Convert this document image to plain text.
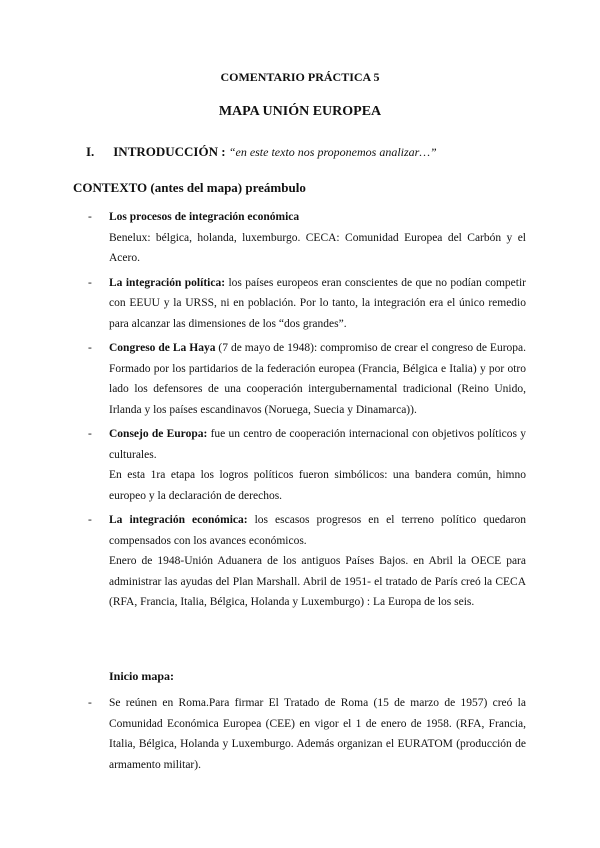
COMENTARIO PRÁCTICA 5
MAPA UNIÓN EUROPEA
I. INTRODUCCIÓN : “en este texto nos proponemos analizar…”
CONTEXTO (antes del mapa) preámbulo
- Los procesos de integración económica
Benelux: bélgica, holanda, luxemburgo. CECA: Comunidad Europea del Carbón y el Acero.
- La integración política: los países europeos eran conscientes de que no podían competir con EEUU y la URSS, ni en población. Por lo tanto, la integración era el único remedio para alcanzar las dimensiones de los “dos grandes”.
- Congreso de La Haya (7 de mayo de 1948): compromiso de crear el congreso de Europa. Formado por los partidarios de la federación europea (Francia, Bélgica e Italia) y por otro lado los defensores de una cooperación intergubernamental tradicional (Reino Unido, Irlanda y los países escandinavos (Noruega, Suecia y Dinamarca)).
- Consejo de Europa: fue un centro de cooperación internacional con objetivos políticos y culturales.
En esta 1ra etapa los logros políticos fueron simbólicos: una bandera común, himno europeo y la declaración de derechos.
- La integración económica: los escasos progresos en el terreno político quedaron compensados con los avances económicos.
Enero de 1948-Unión Aduanera de los antiguos Países Bajos. en Abril la OECE para administrar las ayudas del Plan Marshall. Abril de 1951- el tratado de París creó la CECA (RFA, Francia, Italia, Bélgica, Holanda y Luxemburgo) : La Europa de los seis.
Inicio mapa:
- Se reúnen en Roma.Para firmar El Tratado de Roma (15 de marzo de 1957) creó la Comunidad Económica Europea (CEE) en vigor el 1 de enero de 1958. (RFA, Francia, Italia, Bélgica, Holanda y Luxemburgo. Además organizan el EURATOM (producción de armamento militar).
